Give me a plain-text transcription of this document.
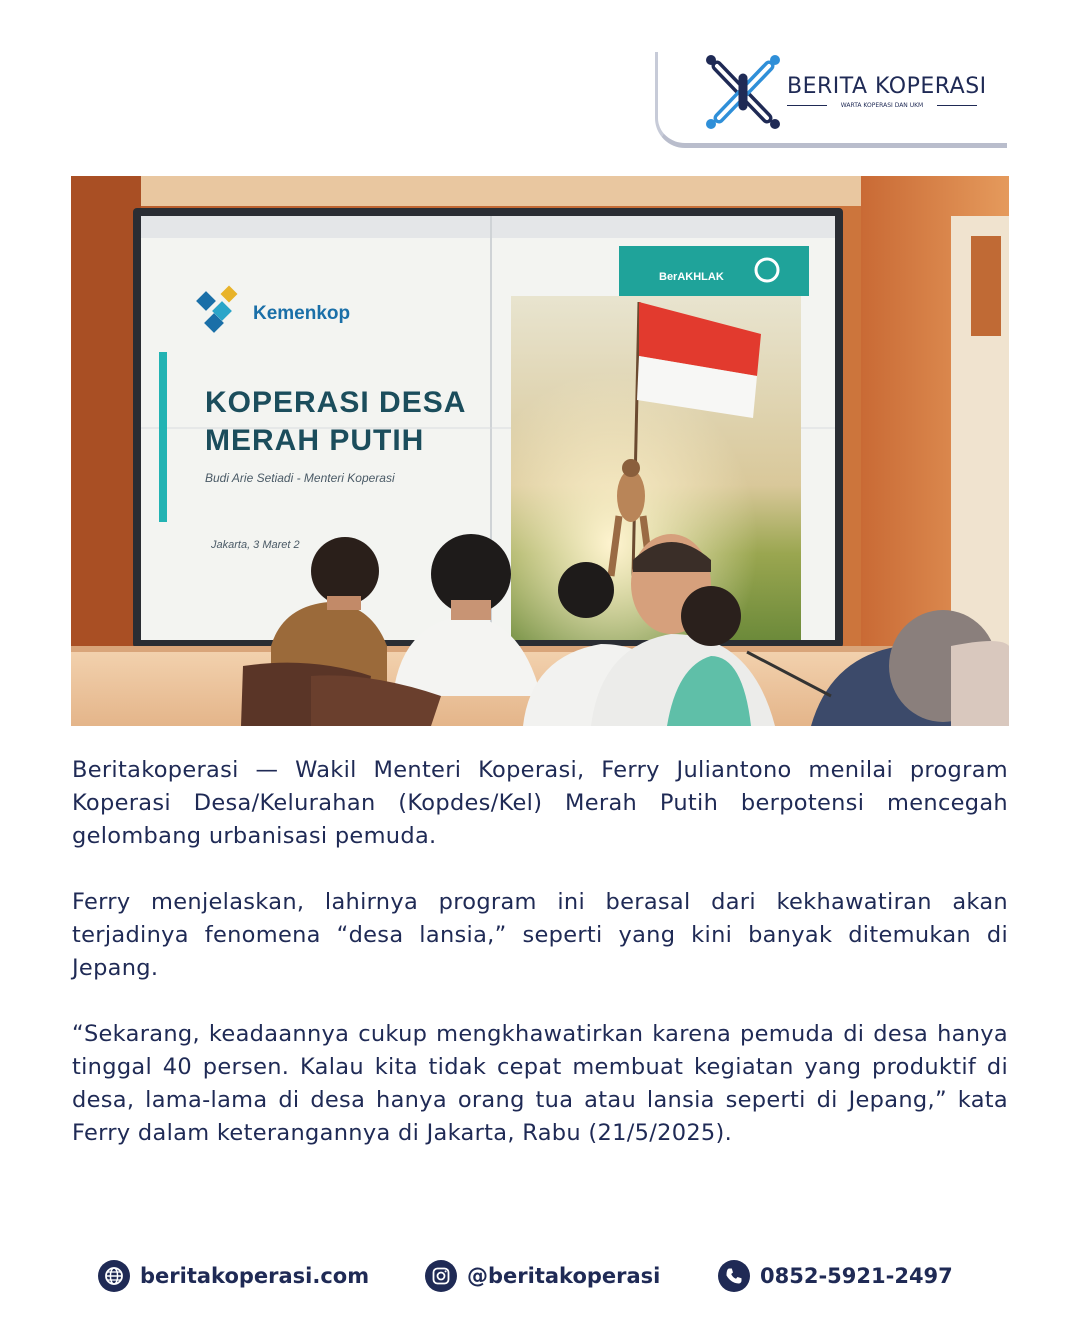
BERITA KOPERASI
WARTA KOPERASI DAN UKM
Kemenkop
KOPERASI DESA
MERAH PUTIH
Budi Arie Setiadi - Menteri Koperasi
Jakarta, 3 Maret 2
BerAKHLAK

Beritakoperasi — Wakil Menteri Koperasi, Ferry Juliantono menilai program Koperasi Desa/Kelurahan (Kopdes/Kel) Merah Putih berpotensi mencegah gelombang urbanisasi pemuda.

Ferry menjelaskan, lahirnya program ini berasal dari kekhawatiran akan terjadinya fenomena “desa lansia,” seperti yang kini banyak ditemukan di Jepang.

“Sekarang, keadaannya cukup mengkhawatirkan karena pemuda di desa hanya tinggal 40 persen. Kalau kita tidak cepat membuat kegiatan yang produktif di desa, lama-lama di desa hanya orang tua atau lansia seperti di Jepang,” kata Ferry dalam keterangannya di Jakarta, Rabu (21/5/2025).

beritakoperasi.com	@beritakoperasi	0852-5921-2497
